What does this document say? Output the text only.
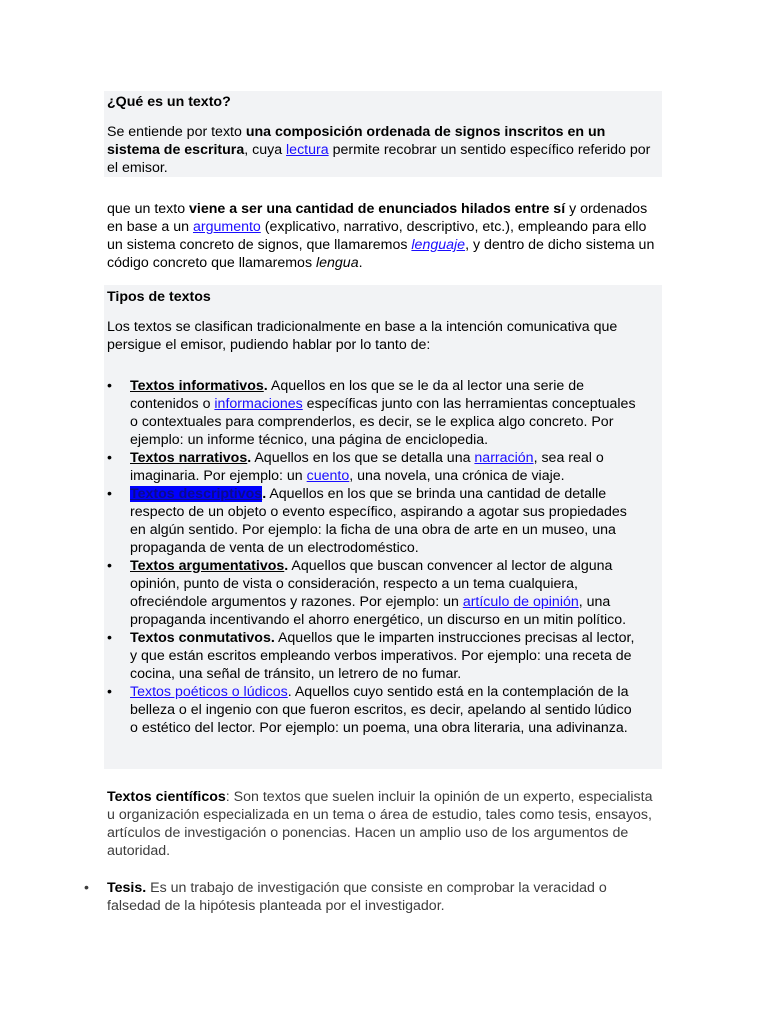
¿Qué es un texto?

Se entiende por texto una composición ordenada de signos inscritos en un sistema de escritura, cuya lectura permite recobrar un sentido específico referido por el emisor.

que un texto viene a ser una cantidad de enunciados hilados entre sí y ordenados en base a un argumento (explicativo, narrativo, descriptivo, etc.), empleando para ello un sistema concreto de signos, que llamaremos lenguaje, y dentro de dicho sistema un código concreto que llamaremos lengua.

Tipos de textos

Los textos se clasifican tradicionalmente en base a la intención comunicativa que persigue el emisor, pudiendo hablar por lo tanto de:

• Textos informativos. Aquellos en los que se le da al lector una serie de contenidos o informaciones específicas junto con las herramientas conceptuales o contextuales para comprenderlos, es decir, se le explica algo concreto. Por ejemplo: un informe técnico, una página de enciclopedia.
• Textos narrativos. Aquellos en los que se detalla una narración, sea real o imaginaria. Por ejemplo: un cuento, una novela, una crónica de viaje.
• Textos descriptivos. Aquellos en los que se brinda una cantidad de detalle respecto de un objeto o evento específico, aspirando a agotar sus propiedades en algún sentido. Por ejemplo: la ficha de una obra de arte en un museo, una propaganda de venta de un electrodoméstico.
• Textos argumentativos. Aquellos que buscan convencer al lector de alguna opinión, punto de vista o consideración, respecto a un tema cualquiera, ofreciéndole argumentos y razones. Por ejemplo: un artículo de opinión, una propaganda incentivando el ahorro energético, un discurso en un mitin político.
• Textos conmutativos. Aquellos que le imparten instrucciones precisas al lector, y que están escritos empleando verbos imperativos. Por ejemplo: una receta de cocina, una señal de tránsito, un letrero de no fumar.
• Textos poéticos o lúdicos. Aquellos cuyo sentido está en la contemplación de la belleza o el ingenio con que fueron escritos, es decir, apelando al sentido lúdico o estético del lector. Por ejemplo: un poema, una obra literaria, una adivinanza.

Textos científicos: Son textos que suelen incluir la opinión de un experto, especialista u organización especializada en un tema o área de estudio, tales como tesis, ensayos, artículos de investigación o ponencias. Hacen un amplio uso de los argumentos de autoridad.

• Tesis. Es un trabajo de investigación que consiste en comprobar la veracidad o falsedad de la hipótesis planteada por el investigador.
